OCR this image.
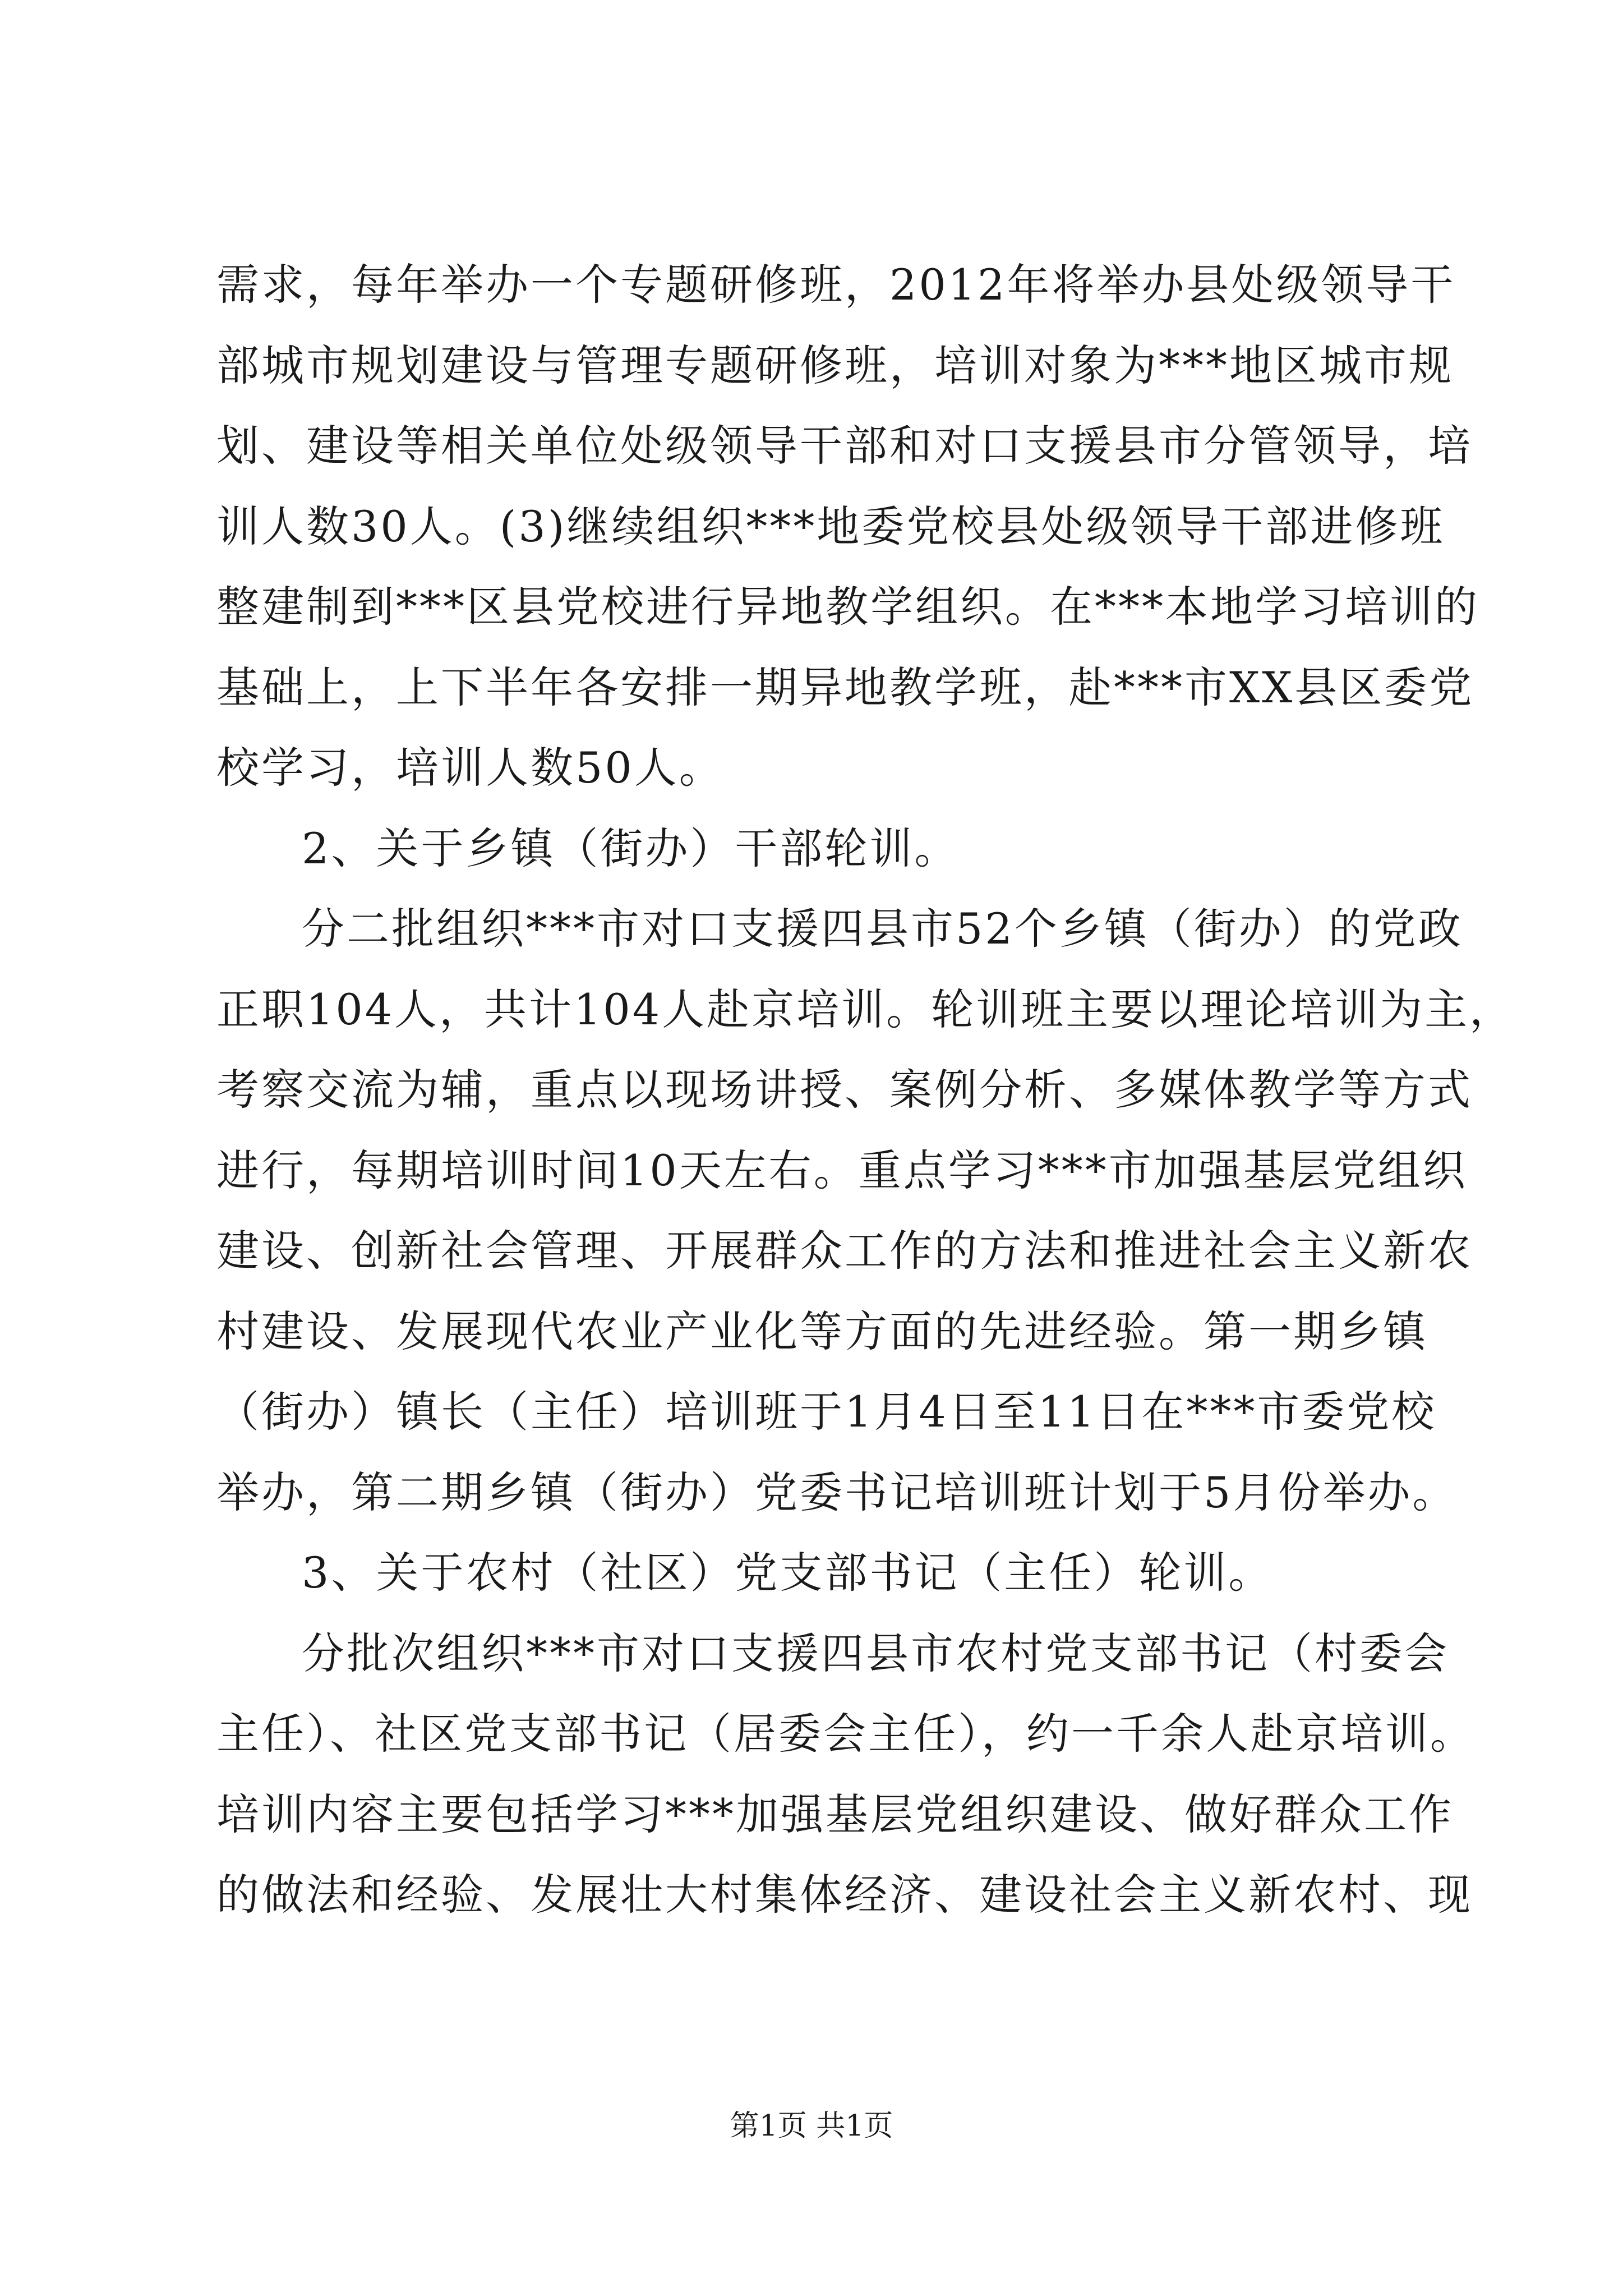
需求，每年举办一个专题研修班，2012年将举办县处级领导干
部城市规划建设与管理专题研修班，培训对象为***地区城市规
划、建设等相关单位处级领导干部和对口支援县市分管领导，培
训人数30人。(3)继续组织***地委党校县处级领导干部进修班
整建制到***区县党校进行异地教学组织。在***本地学习培训的
基础上，上下半年各安排一期异地教学班，赴***市XX县区委党
校学习，培训人数50人。
2、关于乡镇（街办）干部轮训。
分二批组织***市对口支援四县市52个乡镇（街办）的党政
正职104人，共计104人赴京培训。轮训班主要以理论培训为主，
考察交流为辅，重点以现场讲授、案例分析、多媒体教学等方式
进行，每期培训时间10天左右。重点学习***市加强基层党组织
建设、创新社会管理、开展群众工作的方法和推进社会主义新农
村建设、发展现代农业产业化等方面的先进经验。第一期乡镇
（街办）镇长（主任）培训班于1月4日至11日在***市委党校
举办，第二期乡镇（街办）党委书记培训班计划于5月份举办。
3、关于农村（社区）党支部书记（主任）轮训。
分批次组织***市对口支援四县市农村党支部书记（村委会
主任）、社区党支部书记（居委会主任），约一千余人赴京培训。
培训内容主要包括学习***加强基层党组织建设、做好群众工作
的做法和经验、发展壮大村集体经济、建设社会主义新农村、现
第1页 共1页
